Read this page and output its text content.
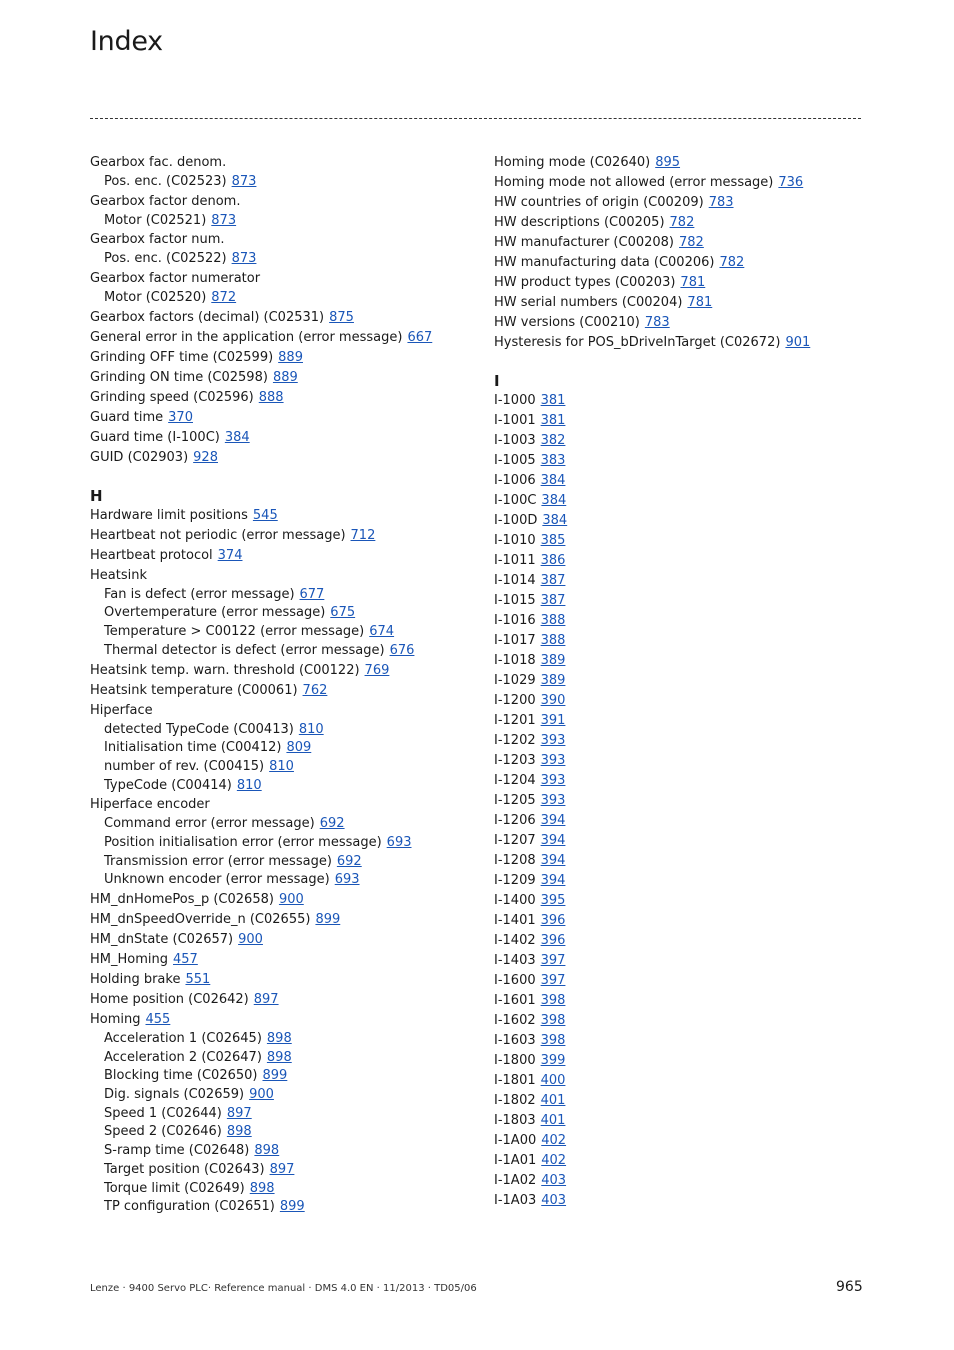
Index
Gearbox fac. denom.
Pos. enc. (C02523) 873
Gearbox factor denom.
Motor (C02521) 873
Gearbox factor num.
Pos. enc. (C02522) 873
Gearbox factor numerator
Motor (C02520) 872
Gearbox factors (decimal) (C02531) 875
General error in the application (error message) 667
Grinding OFF time (C02599) 889
Grinding ON time (C02598) 889
Grinding speed (C02596) 888
Guard time 370
Guard time (I-100C) 384
GUID (C02903) 928
H
Hardware limit positions 545
Heartbeat not periodic (error message) 712
Heartbeat protocol 374
Heatsink
Fan is defect (error message) 677
Overtemperature (error message) 675
Temperature > C00122 (error message) 674
Thermal detector is defect (error message) 676
Heatsink temp. warn. threshold (C00122) 769
Heatsink temperature (C00061) 762
Hiperface
detected TypeCode (C00413) 810
Initialisation time (C00412) 809
number of rev. (C00415) 810
TypeCode (C00414) 810
Hiperface encoder
Command error (error message) 692
Position initialisation error (error message) 693
Transmission error (error message) 692
Unknown encoder (error message) 693
HM_dnHomePos_p (C02658) 900
HM_dnSpeedOverride_n (C02655) 899
HM_dnState (C02657) 900
HM_Homing 457
Holding brake 551
Home position (C02642) 897
Homing 455
Acceleration 1 (C02645) 898
Acceleration 2 (C02647) 898
Blocking time (C02650) 899
Dig. signals (C02659) 900
Speed 1 (C02644) 897
Speed 2 (C02646) 898
S-ramp time (C02648) 898
Target position (C02643) 897
Torque limit (C02649) 898
TP configuration (C02651) 899
Homing mode (C02640) 895
Homing mode not allowed (error message) 736
HW countries of origin (C00209) 783
HW descriptions (C00205) 782
HW manufacturer (C00208) 782
HW manufacturing data (C00206) 782
HW product types (C00203) 781
HW serial numbers (C00204) 781
HW versions (C00210) 783
Hysteresis for POS_bDriveInTarget (C02672) 901
I
I-1000 381
I-1001 381
I-1003 382
I-1005 383
I-1006 384
I-100C 384
I-100D 384
I-1010 385
I-1011 386
I-1014 387
I-1015 387
I-1016 388
I-1017 388
I-1018 389
I-1029 389
I-1200 390
I-1201 391
I-1202 393
I-1203 393
I-1204 393
I-1205 393
I-1206 394
I-1207 394
I-1208 394
I-1209 394
I-1400 395
I-1401 396
I-1402 396
I-1403 397
I-1600 397
I-1601 398
I-1602 398
I-1603 398
I-1800 399
I-1801 400
I-1802 401
I-1803 401
I-1A00 402
I-1A01 402
I-1A02 403
I-1A03 403
Lenze · 9400 Servo PLC· Reference manual · DMS 4.0 EN · 11/2013 · TD05/06	965
